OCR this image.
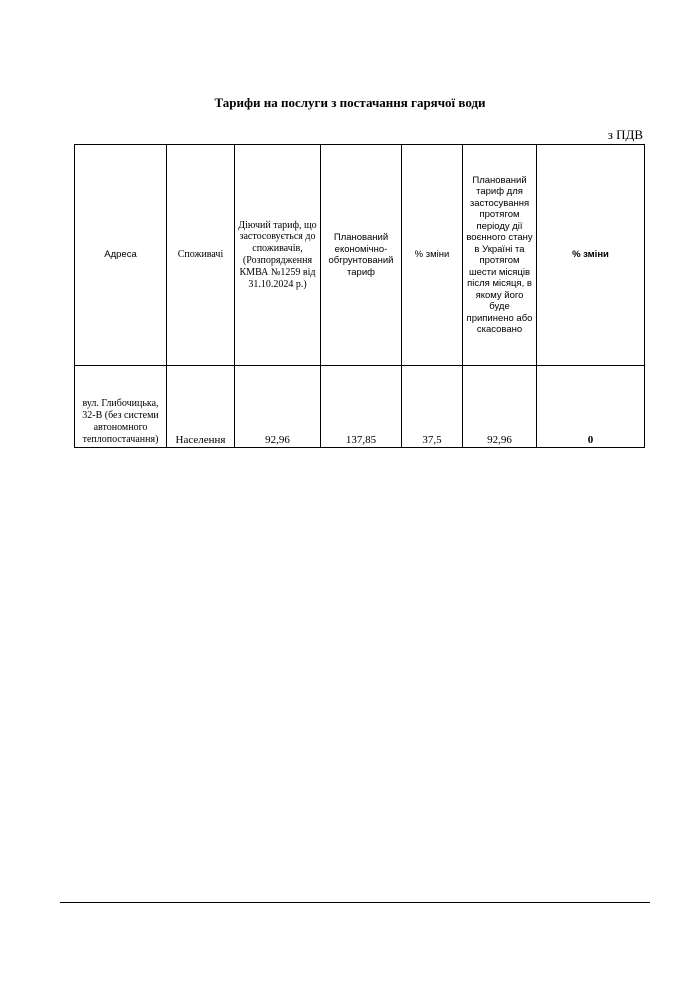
Тарифи на послуги з постачання гарячої води
з ПДВ
Адреса	Споживачі	Діючий тариф, що застосовується до споживачів, (Розпорядження КМВА №1259 від 31.10.2024 р.)	Планований економічно-обгрунтований тариф	% зміни	Планований тариф для застосування протягом періоду дії воєнного стану в Україні та протягом шести місяців після місяця, в якому його буде припинено або скасовано	% зміни
вул. Глибочицька, 32-В (без системи автономного теплопостачання)	Населення	92,96	137,85	37,5	92,96	0
